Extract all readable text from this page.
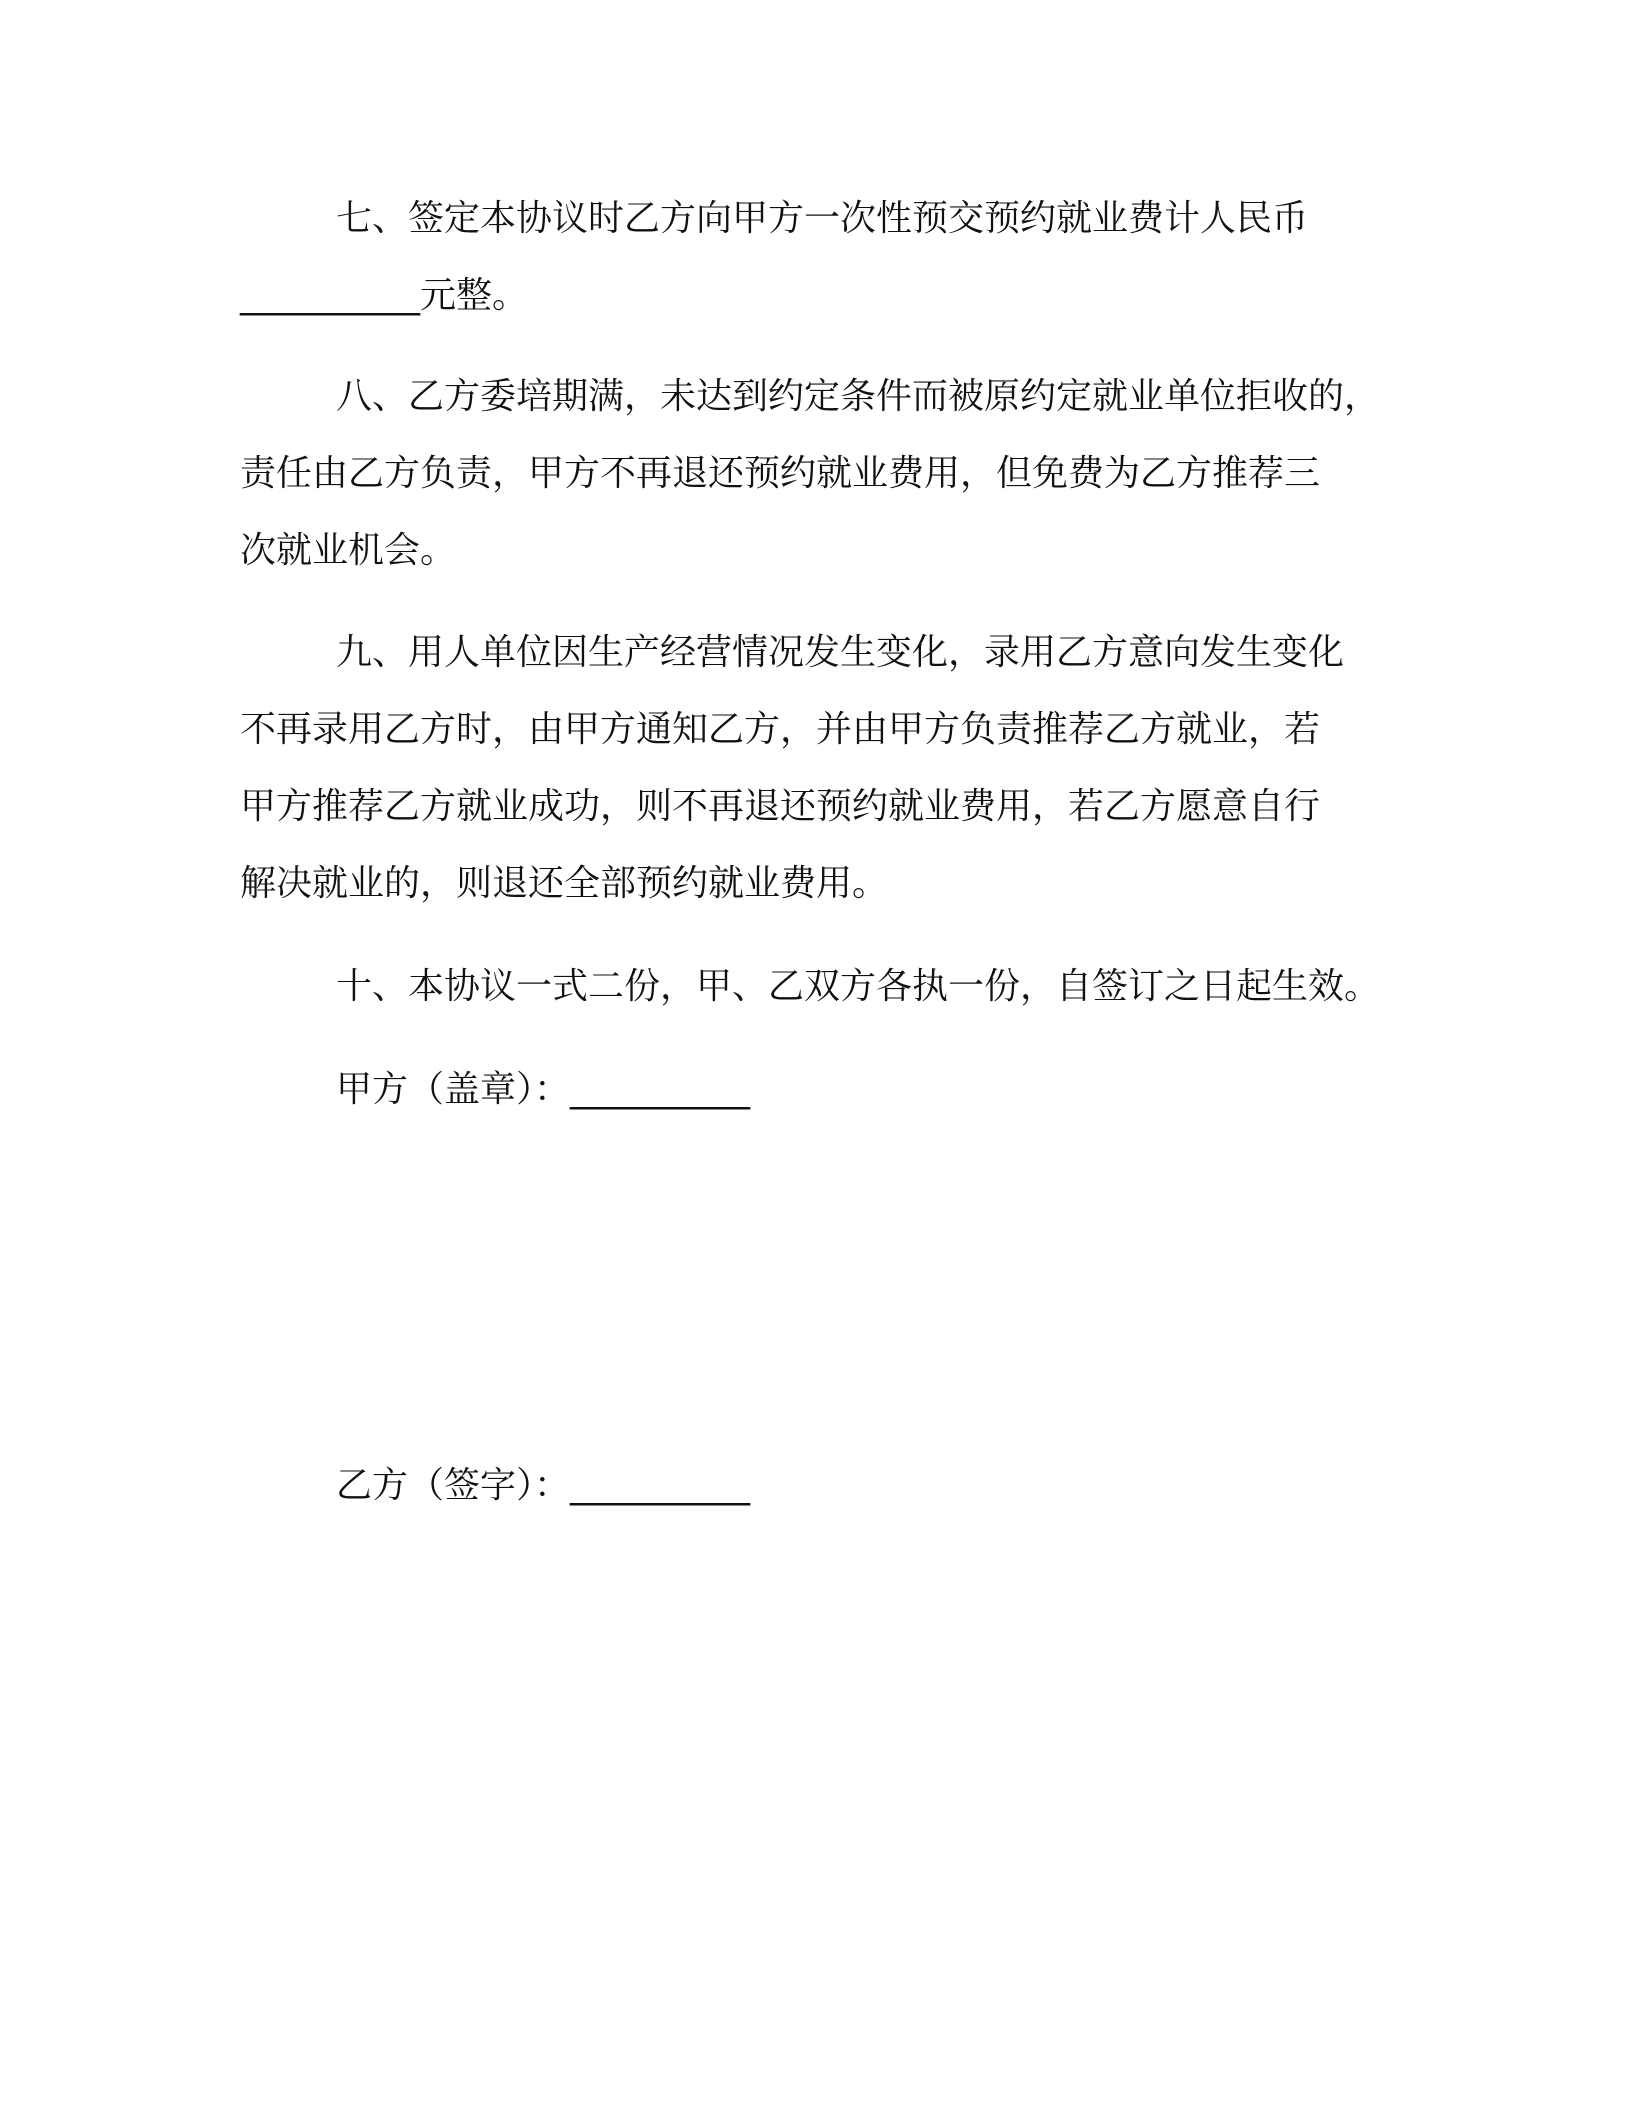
七、签定本协议时乙方向甲方一次性预交预约就业费计人民币
__________元整。

八、乙方委培期满，未达到约定条件而被原约定就业单位拒收的，
责任由乙方负责，甲方不再退还预约就业费用，但免费为乙方推荐三
次就业机会。

九、用人单位因生产经营情况发生变化，录用乙方意向发生变化
不再录用乙方时，由甲方通知乙方，并由甲方负责推荐乙方就业，若
甲方推荐乙方就业成功，则不再退还预约就业费用，若乙方愿意自行
解决就业的，则退还全部预约就业费用。

十、本协议一式二份，甲、乙双方各执一份，自签订之日起生效。

甲方（盖章）：__________
乙方（签字）：__________
